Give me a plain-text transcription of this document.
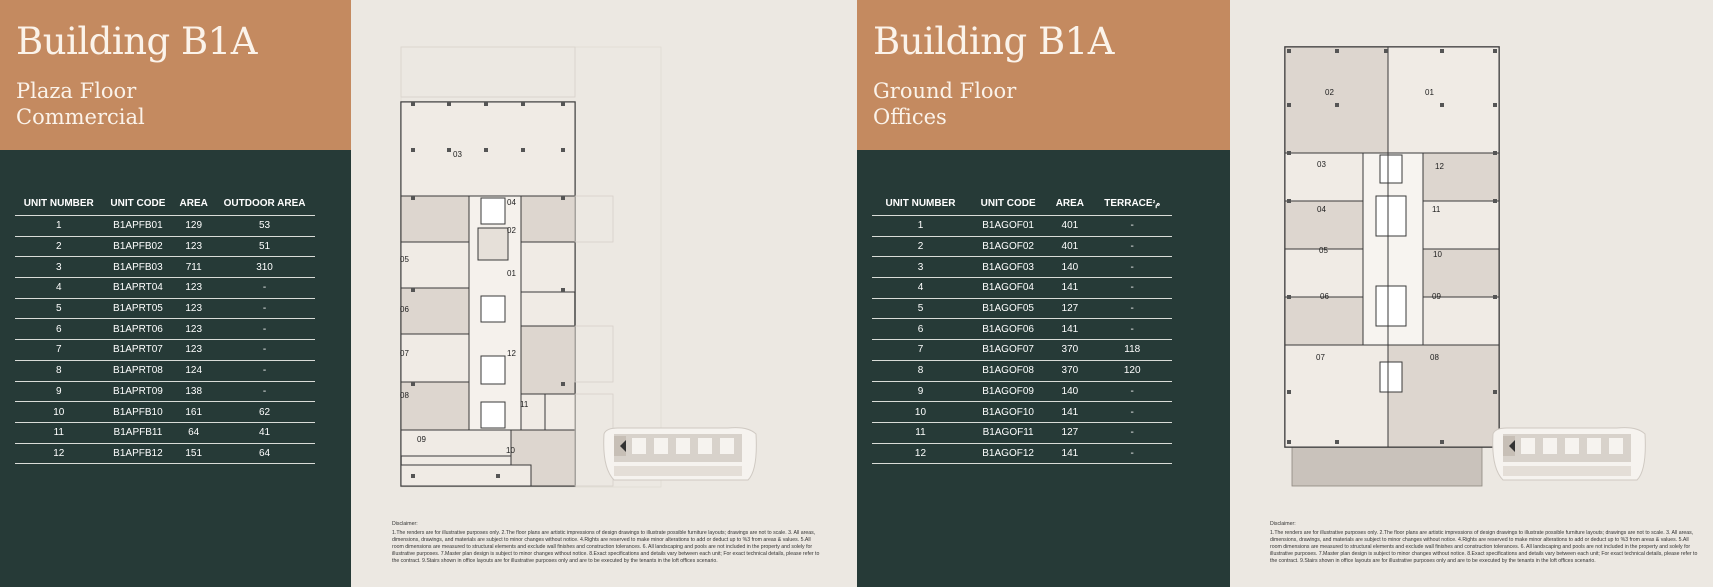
Building B1A
Plaza Floor
Commercial
UNIT NUMBER	UNIT CODE	AREA	OUTDOOR AREA
1	B1APFB01	129	53
2	B1APFB02	123	51
3	B1APFB03	711	310
4	B1APRT04	123	-
5	B1APRT05	123	-
6	B1APRT06	123	-
7	B1APRT07	123	-
8	B1APRT08	124	-
9	B1APRT09	138	-
10	B1APFB10	161	62
11	B1APFB11	64	41
12	B1APFB12	151	64
03
04
02
05
01
06
07	12
08
11
09
10
Disclaimer:
1.The renders are for illustrative purposes only. 2.The floor plans are artistic impressions of design drawings to illustrate possible furniture layouts; drawings are not to scale. 3. All areas, dimensions, drawings, and materials are subject to minor changes without notice. 4.Rights are reserved to make minor alterations to add or deduct up to %3 from areas & values. 5.All room dimensions are measured to structural elements and exclude wall finishes and construction tolerances. 6. All landscaping and pools are not included in the property and solely for illustrative purposes. 7.Master plan design is subject to minor changes without notice. 8.Exact specifications and details vary between each unit; For exact technical details, please refer to the contract. 9.Stairs shown in office layouts are for illustrative purposes only and are to be executed by the tenants in the loft offices scenario.
Building B1A
Ground Floor
Offices
UNIT NUMBER	UNIT CODE	AREA	TERRACEم²
1	B1AGOF01	401	-
2	B1AGOF02	401	-
3	B1AGOF03	140	-
4	B1AGOF04	141	-
5	B1AGOF05	127	-
6	B1AGOF06	141	-
7	B1AGOF07	370	118
8	B1AGOF08	370	120
9	B1AGOF09	140	-
10	B1AGOF10	141	-
11	B1AGOF11	127	-
12	B1AGOF12	141	-
02	01
03	12
04	11
05	10
06	09
07	08
Disclaimer:
1.The renders are for illustrative purposes only. 2.The floor plans are artistic impressions of design drawings to illustrate possible furniture layouts; drawings are not to scale. 3. All areas, dimensions, drawings, and materials are subject to minor changes without notice. 4.Rights are reserved to make minor alterations to add or deduct up to %3 from areas & values. 5.All room dimensions are measured to structural elements and exclude wall finishes and construction tolerances. 6. All landscaping and pools are not included in the property and solely for illustrative purposes. 7.Master plan design is subject to minor changes without notice. 8.Exact specifications and details vary between each unit; For exact technical details, please refer to the contract. 9.Stairs shown in office layouts are for illustrative purposes only and are to be executed by the tenants in the loft offices scenario.
